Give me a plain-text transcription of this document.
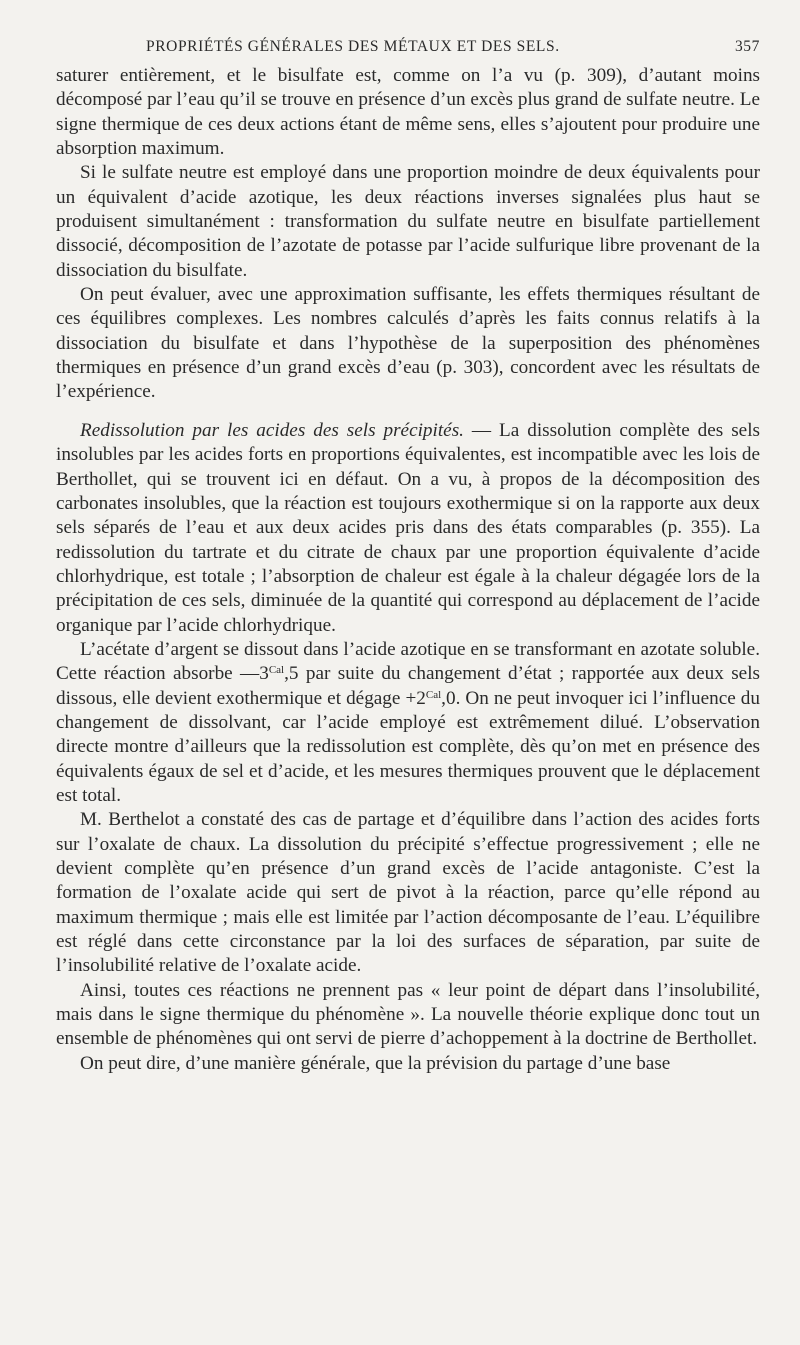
PROPRIÉTÉS GÉNÉRALES DES MÉTAUX ET DES SELS.	357

saturer entièrement, et le bisulfate est, comme on l’a vu (p. 309), d’autant moins décomposé par l’eau qu’il se trouve en présence d’un excès plus grand de sulfate neutre. Le signe thermique de ces deux actions étant de même sens, elles s’ajoutent pour produire une absorption maximum.

Si le sulfate neutre est employé dans une proportion moindre de deux équivalents pour un équivalent d’acide azotique, les deux réactions inverses signalées plus haut se produisent simultanément : transformation du sulfate neutre en bisulfate partiellement dissocié, décomposition de l’azotate de potasse par l’acide sulfurique libre provenant de la dissociation du bisulfate.

On peut évaluer, avec une approximation suffisante, les effets thermiques résultant de ces équilibres complexes. Les nombres calculés d’après les faits connus relatifs à la dissociation du bisulfate et dans l’hypothèse de la superposition des phénomènes thermiques en présence d’un grand excès d’eau (p. 303), concordent avec les résultats de l’expérience.

Redissolution par les acides des sels précipités. — La dissolution complète des sels insolubles par les acides forts en proportions équivalentes, est incompatible avec les lois de Berthollet, qui se trouvent ici en défaut. On a vu, à propos de la décomposition des carbonates insolubles, que la réaction est toujours exothermique si on la rapporte aux deux sels séparés de l’eau et aux deux acides pris dans des états comparables (p. 355). La redissolution du tartrate et du citrate de chaux par une proportion équivalente d’acide chlorhydrique, est totale ; l’absorption de chaleur est égale à la chaleur dégagée lors de la précipitation de ces sels, diminuée de la quantité qui correspond au déplacement de l’acide organique par l’acide chlorhydrique.

L’acétate d’argent se dissout dans l’acide azotique en se transformant en azotate soluble. Cette réaction absorbe $—3^{Cal},5$ par suite du changement d’état ; rapportée aux deux sels dissous, elle devient exothermique et dégage $+2^{Cal},0$. On ne peut invoquer ici l’influence du changement de dissolvant, car l’acide employé est extrêmement dilué. L’observation directe montre d’ailleurs que la redissolution est complète, dès qu’on met en présence des équivalents égaux de sel et d’acide, et les mesures thermiques prouvent que le déplacement est total.

M. Berthelot a constaté des cas de partage et d’équilibre dans l’action des acides forts sur l’oxalate de chaux. La dissolution du précipité s’effectue progressivement ; elle ne devient complète qu’en présence d’un grand excès de l’acide antagoniste. C’est la formation de l’oxalate acide qui sert de pivot à la réaction, parce qu’elle répond au maximum thermique ; mais elle est limitée par l’action décomposante de l’eau. L’équilibre est réglé dans cette circonstance par la loi des surfaces de séparation, par suite de l’insolubilité relative de l’oxalate acide.

Ainsi, toutes ces réactions ne prennent pas « leur point de départ dans l’insolubilité, mais dans le signe thermique du phénomène ». La nouvelle théorie explique donc tout un ensemble de phénomènes qui ont servi de pierre d’achoppement à la doctrine de Berthollet.

On peut dire, d’une manière générale, que la prévision du partage d’une base
